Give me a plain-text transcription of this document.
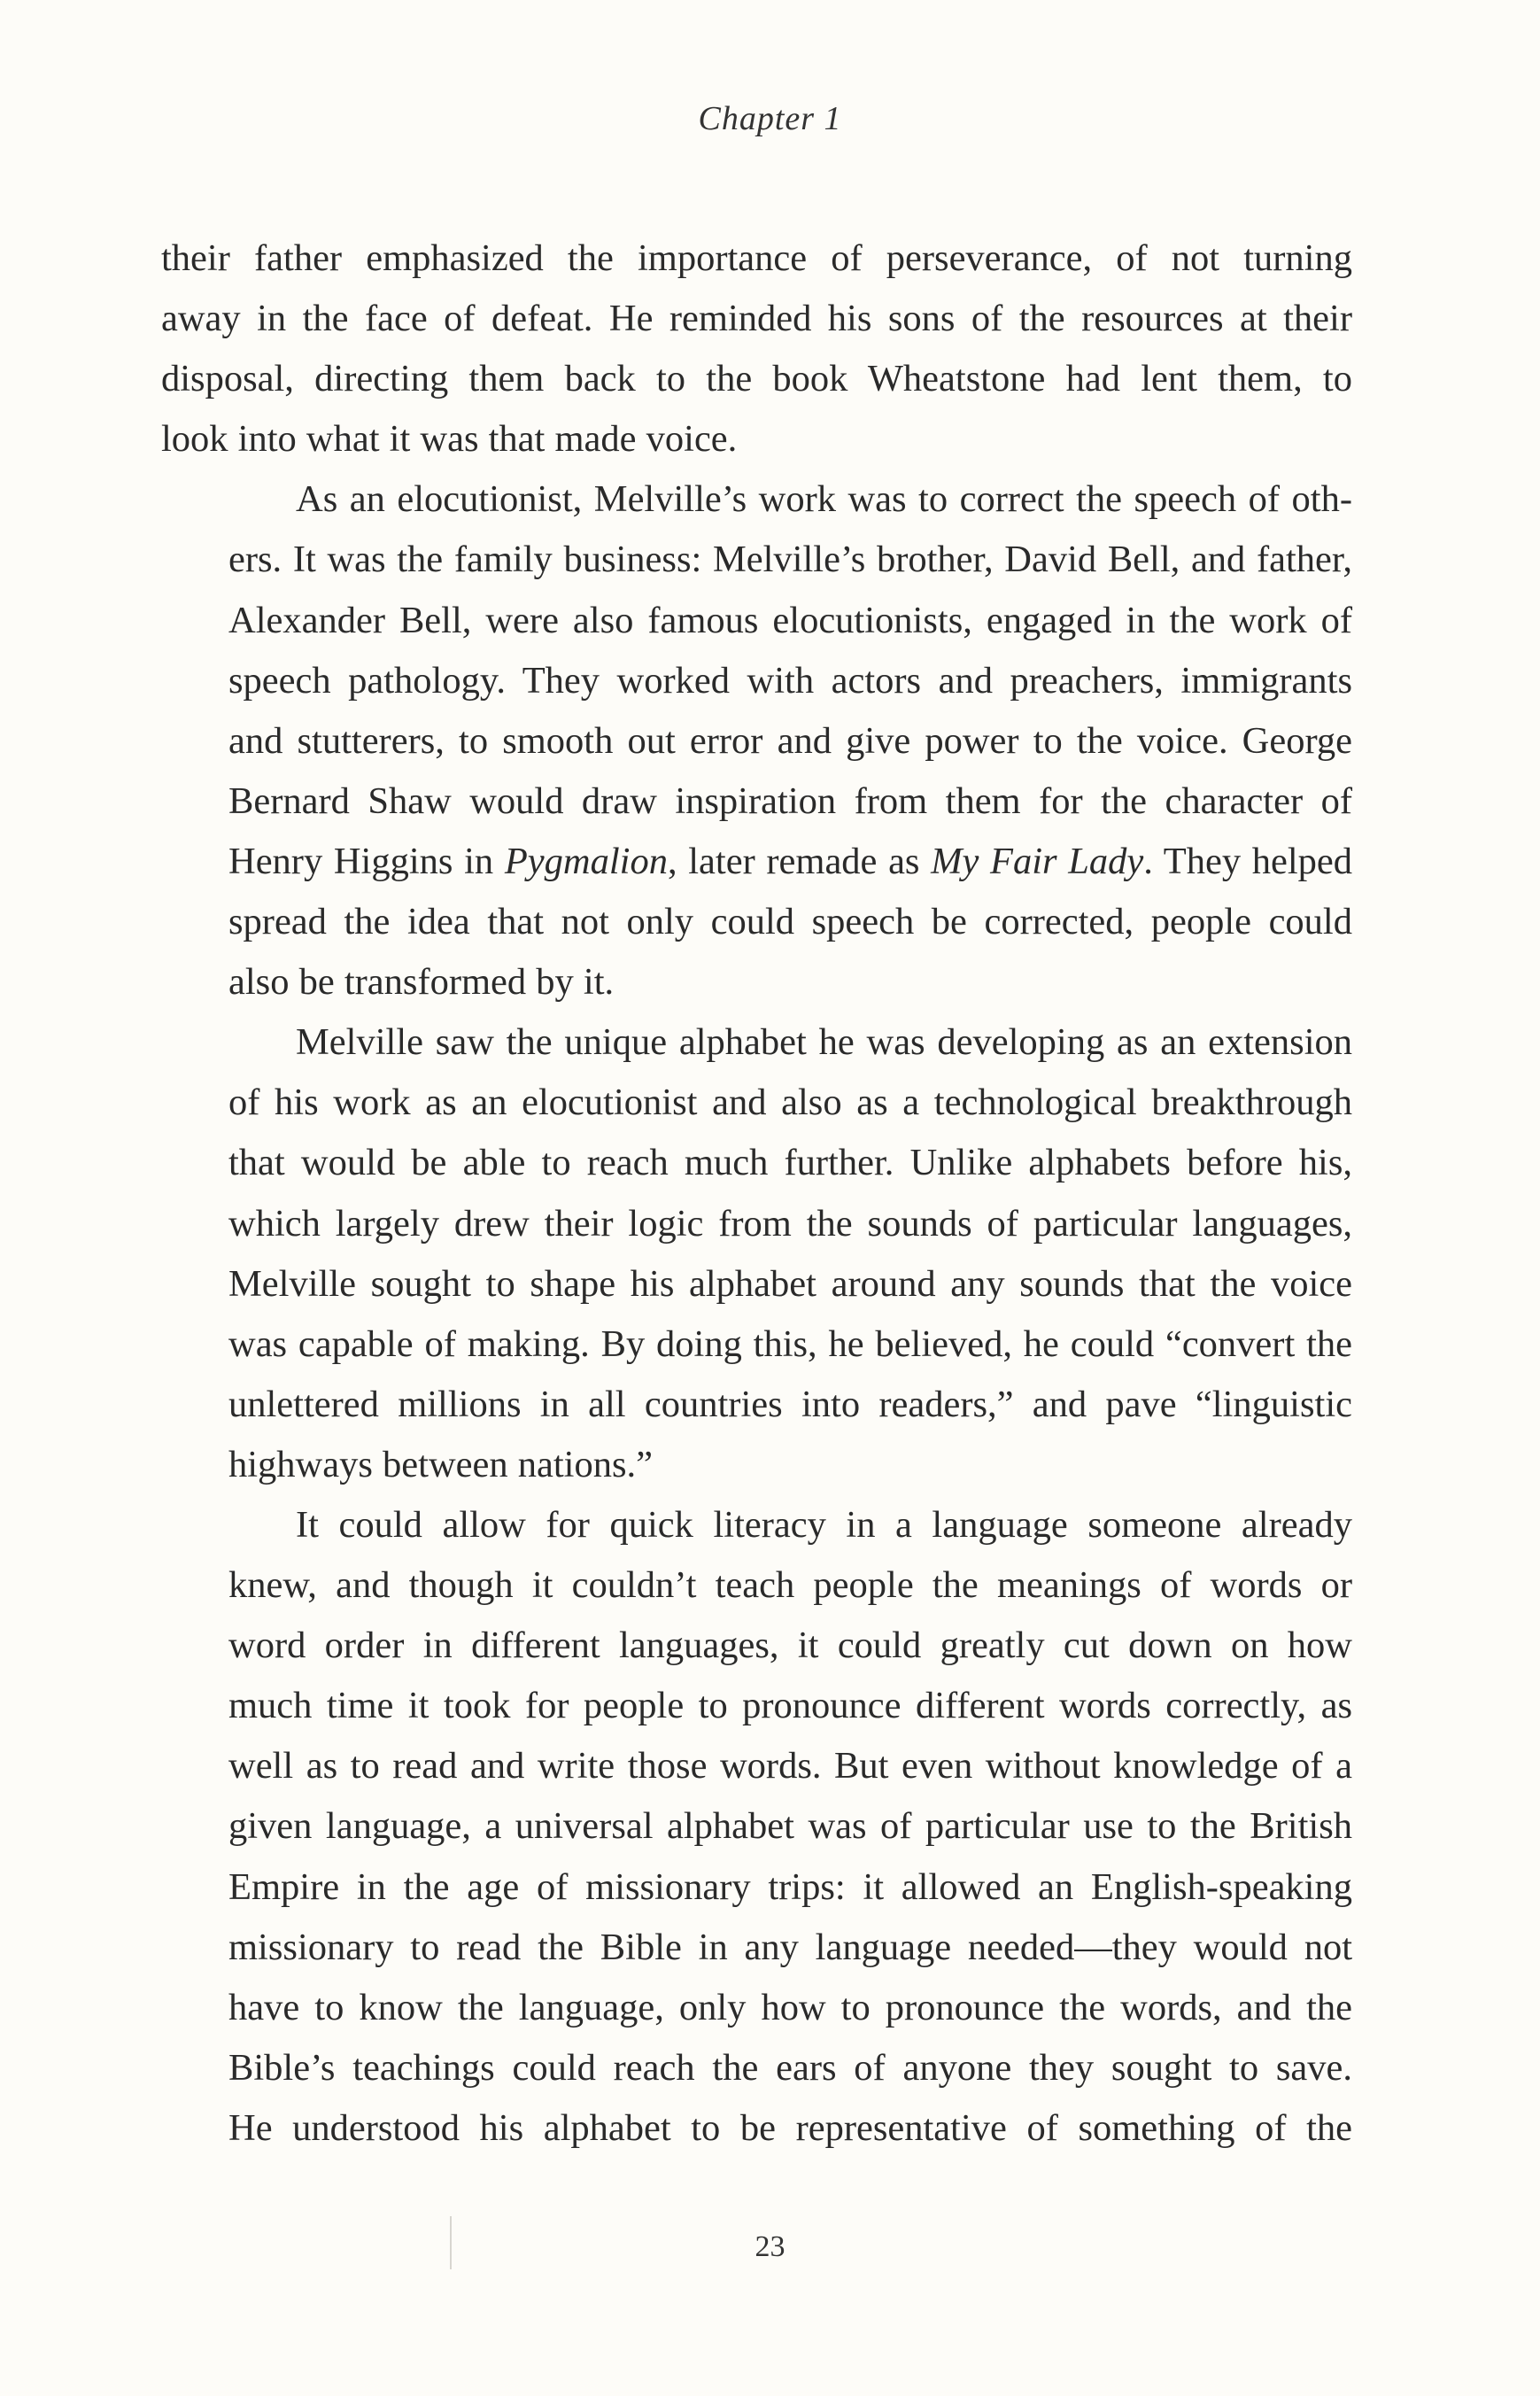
Chapter 1

their father emphasized the importance of perseverance, of not turning
away in the face of defeat. He reminded his sons of the resources at their
disposal, directing them back to the book Wheatstone had lent them, to
look into what it was that made voice.

As an elocutionist, Melville’s work was to correct the speech of oth-
ers. It was the family business: Melville’s brother, David Bell, and father,
Alexander Bell, were also famous elocutionists, engaged in the work of
speech pathology. They worked with actors and preachers, immigrants
and stutterers, to smooth out error and give power to the voice. George
Bernard Shaw would draw inspiration from them for the character of
Henry Higgins in Pygmalion, later remade as My Fair Lady. They helped
spread the idea that not only could speech be corrected, people could
also be transformed by it.

Melville saw the unique alphabet he was developing as an extension
of his work as an elocutionist and also as a technological breakthrough
that would be able to reach much further. Unlike alphabets before his,
which largely drew their logic from the sounds of particular languages,
Melville sought to shape his alphabet around any sounds that the voice
was capable of making. By doing this, he believed, he could “convert the
unlettered millions in all countries into readers,” and pave “linguistic
highways between nations.”

It could allow for quick literacy in a language someone already
knew, and though it couldn’t teach people the meanings of words or
word order in different languages, it could greatly cut down on how
much time it took for people to pronounce different words correctly, as
well as to read and write those words. But even without knowledge of a
given language, a universal alphabet was of particular use to the British
Empire in the age of missionary trips: it allowed an English-speaking
missionary to read the Bible in any language needed—they would not
have to know the language, only how to pronounce the words, and the
Bible’s teachings could reach the ears of anyone they sought to save.
He understood his alphabet to be representative of something of the

23
